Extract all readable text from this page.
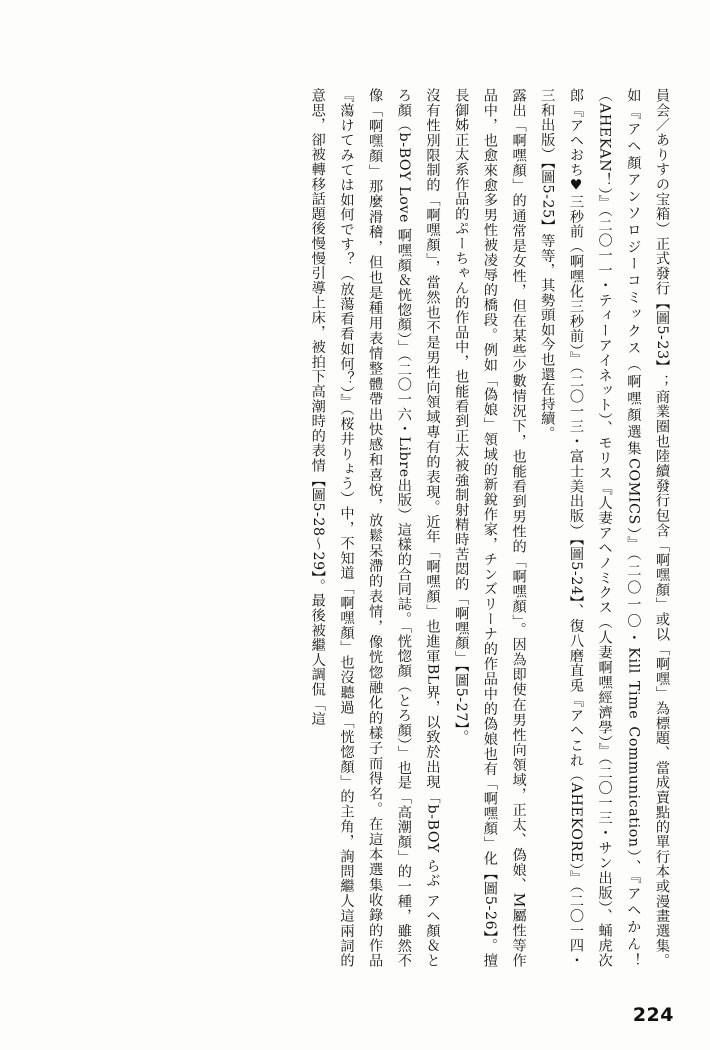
員会／ありすの宝箱）正式發行【圖5-23】；商業圈也陸續發行包含「啊嘿顏」或以「啊嘿」為標題、當成賣點的單行本或漫畫選集。如『アヘ顏アンソロジーコミックス（啊嘿顏選集COMICS）』（二〇一〇・Kill Time Communication）、『アヘかん！（AHEKAN！）』（二〇一一・ティーアイネット）、モリス『人妻アヘノミクス（人妻啊嘿經濟學）』（二〇一三・サン出版）、蛹虎次郎『アヘおち♥三秒前（啊嘿化三秒前）』（二〇一三・富士美出版）【圖5-24】、復八磨直兎『アヘこれ（AHEKORE）』（二〇一四・三和出版）【圖5-25】等等，其勢頭如今也還在持續。

露出「啊嘿顏」的通常是女性，但在某些少數情況下，也能看到男性的「啊嘿顏」。因為即使在男性向領域，正太、偽娘、M屬性等作品中，也愈來愈多男性被凌辱的橋段。例如「偽娘」領域的新銳作家，チンズリーナ的作品中的偽娘也有「啊嘿顏」化【圖5-26】。擅長御姊正太系作品的ぷーちゃん的作品中，也能看到正太被強制射精時苦悶的「啊嘿顏」【圖5-27】。

沒有性別限制的「啊嘿顏」，當然也不是男性向領域專有的表現。近年「啊嘿顏」也進軍BL界，以致於出現「b-BOY らぶ アヘ顏＆とろ顏（b-BOY Love 啊嘿顏＆恍惚顏）」（二〇一六・Libre出版）這樣的合同誌。「恍惚顏（とろ顏）」也是「高潮顏」的一種，雖然不像「啊嘿顏」那麼滑稽，但也是種用表情整體帶出快感和喜悅，放鬆呆滯的表情，像恍惚融化的樣子而得名。在這本選集收錄的作品『蕩けてみては如何です？（放蕩看看如何？）』（桜井りょう）中，不知道「啊嘿顏」也沒聽過「恍惚顏」的主角，詢問繼人這兩詞的意思，卻被轉移話題後慢慢引導上床，被拍下高潮時的表情【圖5-28～29】。最後被繼人調侃「這

224
